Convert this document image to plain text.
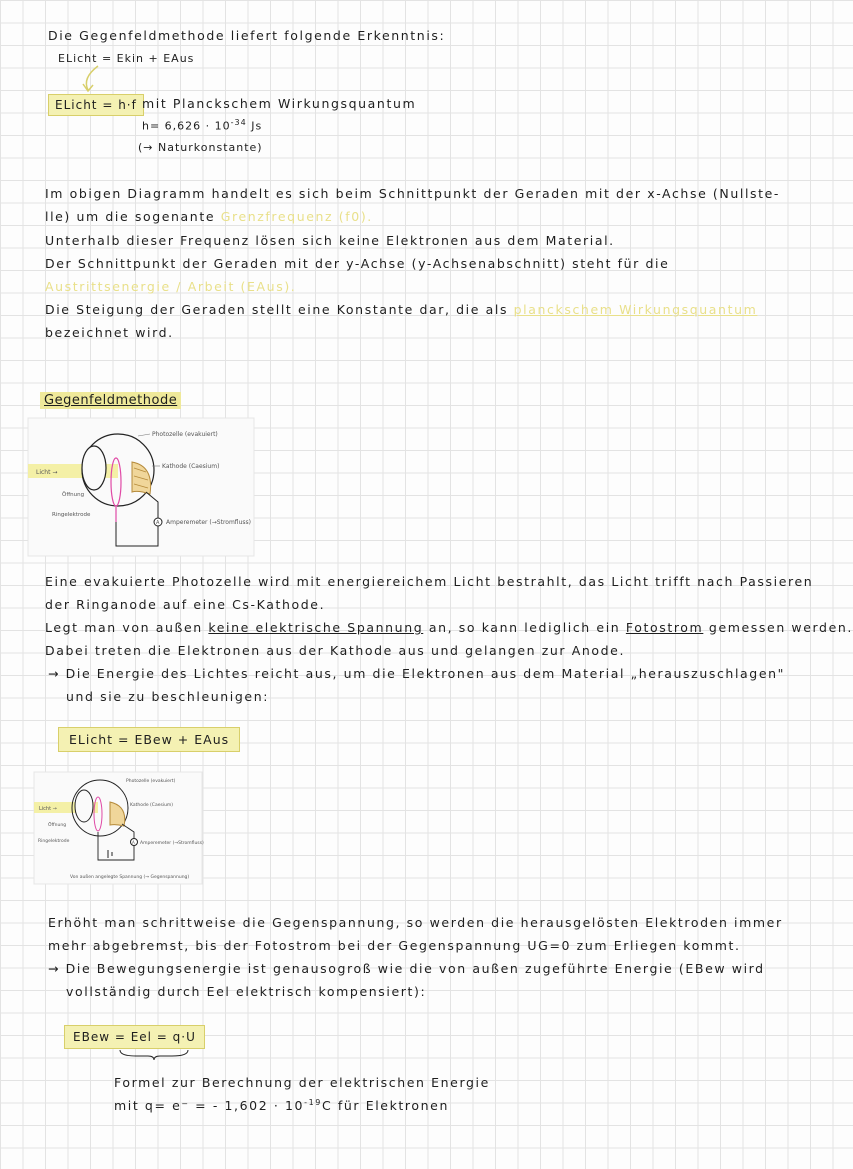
Die Gegenfeldmethode liefert folgende Erkenntnis:
ELicht = Ekin + EAus
ELicht = h·f mit Planckschem Wirkungsquantum
$h= 6,626 \cdot 10^{-34}$ Js
(→ Naturkonstante)
Im obigen Diagramm handelt es sich beim Schnittpunkt der Geraden mit der x-Achse (Nullste-
lle) um die sogenante Grenzfrequenz (f0).
Unterhalb dieser Frequenz lösen sich keine Elektronen aus dem Material.
Der Schnittpunkt der Geraden mit der y-Achse (y-Achsenabschnitt) steht für die
Austrittsenergie / Arbeit (EAus).
Die Steigung der Geraden stellt eine Konstante dar, die als planckschem Wirkungsquantum
bezeichnet wird.
Gegenfeldmethode
Licht →
A
Photozelle (evakuiert)
Kathode (Caesium)
Öffnung
Ringelektrode
Amperemeter (→Stromfluss)
Eine evakuierte Photozelle wird mit energiereichem Licht bestrahlt, das Licht trifft nach Passieren
der Ringanode auf eine Cs-Kathode.
Legt man von außen keine elektrische Spannung an, so kann lediglich ein Fotostrom gemessen werden.
Dabei treten die Elektronen aus der Kathode aus und gelangen zur Anode.
→ Die Energie des Lichtes reicht aus, um die Elektronen aus dem Material „herauszuschlagen"
und sie zu beschleunigen:
ELicht = EBew + EAus
Licht →
A
Photozelle (evakuiert)
Kathode (Caesium)
Öffnung
Ringelektrode	Amperemeter (→Stromfluss)
Von außen angelegte Spannung (→ Gegenspannung)
Erhöht man schrittweise die Gegenspannung, so werden die herausgelösten Elektroden immer
mehr abgebremst, bis der Fotostrom bei der Gegenspannung UG=0 zum Erliegen kommt.
→ Die Bewegungsenergie ist genausogroß wie die von außen zugeführte Energie (EBew wird
vollständig durch Eel elektrisch kompensiert):
EBew = Eel = q·U
Formel zur Berechnung der elektrischen Energie
mit q= e⁻ = - $1,602 \cdot 10^{-19}C$ für Elektronen
